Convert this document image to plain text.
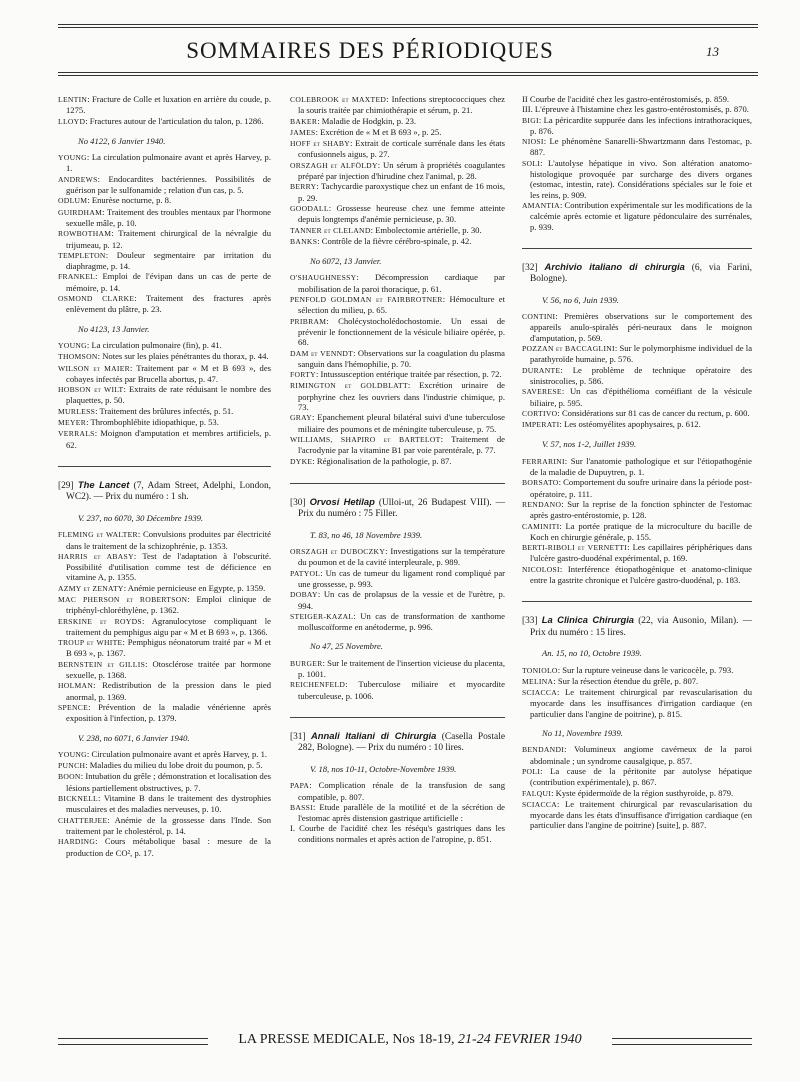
SOMMAIRES DES PÉRIODIQUES	13
LENTIN: Fracture de Colle et luxation en arrière du coude, p. 1275.
LLOYD: Fractures autour de l'articulation du talon, p. 1286.
No 4122, 6 Janvier 1940.
YOUNG: La circulation pulmonaire avant et après Harvey, p. 1.
ANDREWS: Endocardites bactériennes. Possibilités de guérison par le sulfonamide ; relation d'un cas, p. 5.
ODLUM: Enurèse nocturne, p. 8.
GUIRDHAM: Traitement des troubles mentaux par l'hormone sexuelle mâle, p. 10.
ROWBOTHAM: Traitement chirurgical de la névralgie du trijumeau, p. 12.
TEMPLETON: Douleur segmentaire par irritation du diaphragme, p. 14.
FRANKEL: Emploi de l'évipan dans un cas de perte de mémoire, p. 14.
OSMOND CLARKE: Traitement des fractures après enlèvement du plâtre, p. 23.
No 4123, 13 Janvier.
YOUNG: La circulation pulmonaire (fin), p. 41.
THOMSON: Notes sur les plaies pénétrantes du thorax, p. 44.
WILSON et MAIER: Traitement par « M et B 693 », des cobayes infectés par Brucella abortus, p. 47.
HOBSON et WILT: Extraits de rate réduisant le nombre des plaquettes, p. 50.
MURLESS: Traitement des brûlures infectés, p. 51.
MEYER: Thrombophlébite idiopathique, p. 53.
VERRALS: Moignon d'amputation et membres artificiels, p. 62.
[29] The Lancet (7, Adam Street, Adelphi, London, WC2). — Prix du numéro : 1 sh.
V. 237, no 6070, 30 Décembre 1939.
FLEMING et WALTER: Convulsions produites par électricité dans le traitement de la schizophrénie, p. 1353.
HARRIS et ABASY: Test de l'adaptation à l'obscurité. Possibilité d'utilisation comme test de déficience en vitamine A, p. 1355.
AZMY et ZENATY: Anémie pernicieuse en Egypte, p. 1359.
MAC PHERSON et ROBERTSON: Emploi clinique de triphényl-chloréthylène, p. 1362.
ERSKINE et ROYDS: Agranulocytose compliquant le traitement du pemphigus aigu par « M et B 693 », p. 1366.
TROUP et WHITE: Pemphigus néonatorum traité par « M et B 693 », p. 1367.
BERNSTEIN et GILLIS: Otosclérose traitée par hormone sexuelle, p. 1368.
HOLMAN: Redistribution de la pression dans le pied anormal, p. 1369.
SPENCE: Prévention de la maladie vénérienne après exposition à l'infection, p. 1379.
V. 238, no 6071, 6 Janvier 1940.
YOUNG: Circulation pulmonaire avant et après Harvey, p. 1.
PUNCH: Maladies du milieu du lobe droit du poumon, p. 5.
BOON: Intubation du grêle ; démonstration et localisation des lésions partiellement obstructives, p. 7.
BICKNELL: Vitamine B dans le traitement des dystrophies musculaires et des maladies nerveuses, p. 10.
CHATTERJEE: Anémie de la grossesse dans l'Inde. Son traitement par le cholestérol, p. 14.
HARDING: Cours métabolique basal : mesure de la production de CO², p. 17.
COLEBROOK et MAXTED: Infections streptococciques chez la souris traitée par chimiothérapie et sérum, p. 21.
BAKER: Maladie de Hodgkin, p. 23.
JAMES: Excrétion de « M et B 693 », p. 25.
HOFF et SHABY: Extrait de corticale surrénale dans les états confusionnels aigus, p. 27.
ORSZAGH et ALFÖLDY: Un sérum à propriétés coagulantes préparé par injection d'hirudine chez l'animal, p. 28.
BERRY: Tachycardie paroxystique chez un enfant de 16 mois, p. 29.
GOODALL: Grossesse heureuse chez une femme atteinte depuis longtemps d'anémie pernicieuse, p. 30.
TANNER et CLELAND: Embolectomie artérielle, p. 30.
BANKS: Contrôle de la fièvre cérébro-spinale, p. 42.
No 6072, 13 Janvier.
O'SHAUGHNESSY: Décompression cardiaque par mobilisation de la paroi thoracique, p. 61.
PENFOLD GOLDMAN et FAIRBROTNER: Hémoculture et sélection du milieu, p. 65.
PRIBRAM: Cholécystocholédochostomie. Un essai de prévenir le fonctionnement de la vésicule biliaire opérée, p. 68.
DAM et VENNDT: Observations sur la coagulation du plasma sanguin dans l'hémophilie, p. 70.
FORTY: Intussusception entérique traitée par résection, p. 72.
RIMINGTON et GOLDBLATT: Excrétion urinaire de porphyrine chez les ouvriers dans l'industrie chimique, p. 73.
GRAY: Epanchement pleural bilatéral suivi d'une tuberculose miliaire des poumons et de méningite tuberculeuse, p. 75.
WILLIAMS, SHAPIRO et BARTELOT: Traitement de l'acrodynie par la vitamine B1 par voie parentérale, p. 77.
DYKE: Régionalisation de la pathologie, p. 87.
[30] Orvosi Hetilap (Ulloi-ut, 26 Budapest VIII). — Prix du numéro : 75 Filler.
T. 83, no 46, 18 Novembre 1939.
ORSZAGH et DUBOCZKY: Investigations sur la température du poumon et de la cavité interpleurale, p. 989.
PATYOL: Un cas de tumeur du ligament rond compliqué par une grossesse, p. 993.
DOBAY: Un cas de prolapsus de la vessie et de l'urètre, p. 994.
STEIGER-KAZAL: Un cas de transformation de xanthome molluscoïforme en anétoderme, p. 996.
No 47, 25 Novembre.
BURGER: Sur le traitement de l'insertion vicieuse du placenta, p. 1001.
REICHENFELD: Tuberculose miliaire et myocardite tuberculeuse, p. 1006.
[31] Annali Italiani di Chirurgia (Casella Postale 282, Bologne). — Prix du numéro : 10 lires.
V. 18, nos 10-11, Octobre-Novembre 1939.
PAPA: Complication rénale de la transfusion de sang compatible, p. 807.
BASSI: Etude parallèle de la motilité et de la sécrétion de l'estomac après distension gastrique artificielle :
I. Courbe de l'acidité chez les réséqu's gastriques dans les conditions normales et après action de l'atropine, p. 851.
II Courbe de l'acidité chez les gastro-entérostomisés, p. 859.
III. L'épreuve à l'histamine chez les gastro-entérostomisés, p. 870.
BIGI: La péricardite suppurée dans les infections intrathoraciques, p. 876.
NIOSI: Le phénomène Sanarelli-Shwartzmann dans l'estomac, p. 887.
SOLI: L'autolyse hépatique in vivo. Son altération anatomo-histologique provoquée par surcharge des divers organes (estomac, intestin, rate). Considérations spéciales sur le foie et les reins, p. 909.
AMANTIA: Contribution expérimentale sur les modifications de la calcémie après ectomie et ligature pédonculaire des surrénales, p. 939.
[32] Archivio italiano di chirurgia (6, via Farini, Bologne).
V. 56, no 6, Juin 1939.
CONTINI: Premières observations sur le comportement des appareils anulo-spiralés péri-neuraux dans le moignon d'amputation, p. 569.
POZZAN et BACCAGLINI: Sur le polymorphisme individuel de la parathyroïde humaine, p. 576.
DURANTE: Le problème de technique opératoire des sinistrocolies, p. 586.
SAVERESE: Un cas d'épithélioma cornéifiant de la vésicule biliaire, p. 595.
CORTIVO: Considérations sur 81 cas de cancer du rectum, p. 600.
IMPERATI: Les ostéomyélites apophysaires, p. 612.
V. 57, nos 1-2, Juillet 1939.
FERRARINI: Sur l'anatomie pathologique et sur l'étiopathogénie de la maladie de Dupuytren, p. 1.
BORSATO: Comportement du soufre urinaire dans la période post-opératoire, p. 111.
RENDANO: Sur la reprise de la fonction sphincter de l'estomac après gastro-entérostomie, p. 128.
CAMINITI: La portée pratique de la microculture du bacille de Koch en chirurgie générale, p. 155.
BERTI-RIBOLI et VERNETTI: Les capillaires périphériques dans l'ulcère gastro-duodénal expérimental, p. 169.
NICOLOSI: Interférence étiopathogénique et anatomo-clinique entre la gastrite chronique et l'ulcère gastro-duodénal, p. 183.
[33] La Clinica Chirurgia (22, via Ausonio, Milan). — Prix du numéro : 15 lires.
An. 15, no 10, Octobre 1939.
TONIOLO: Sur la rupture veineuse dans le varicocèle, p. 793.
MELINA: Sur la résection étendue du grêle, p. 807.
SCIACCA: Le traitement chirurgical par revascularisation du myocarde dans les insuffisances d'irrigation cardiaque (en particulier dans l'angine de poitrine), p. 815.
No 11, Novembre 1939.
BENDANDI: Volumineux angiome cavérneux de la paroi abdominale ; un syndrome causalgique, p. 857.
POLI: La cause de la péritonite par autolyse hépatique (contribution expérimentale), p. 867.
FALQUI: Kyste épidermoïde de la région susthyroïde, p. 879.
SCIACCA: Le traitement chirurgical par revascularisation du myocarde dans les états d'insuffisance d'irrigation cardiaque (en particulier dans l'angine de poitrine) [suite], p. 887.
LA PRESSE MEDICALE, Nos 18-19, 21-24 FEVRIER 1940
